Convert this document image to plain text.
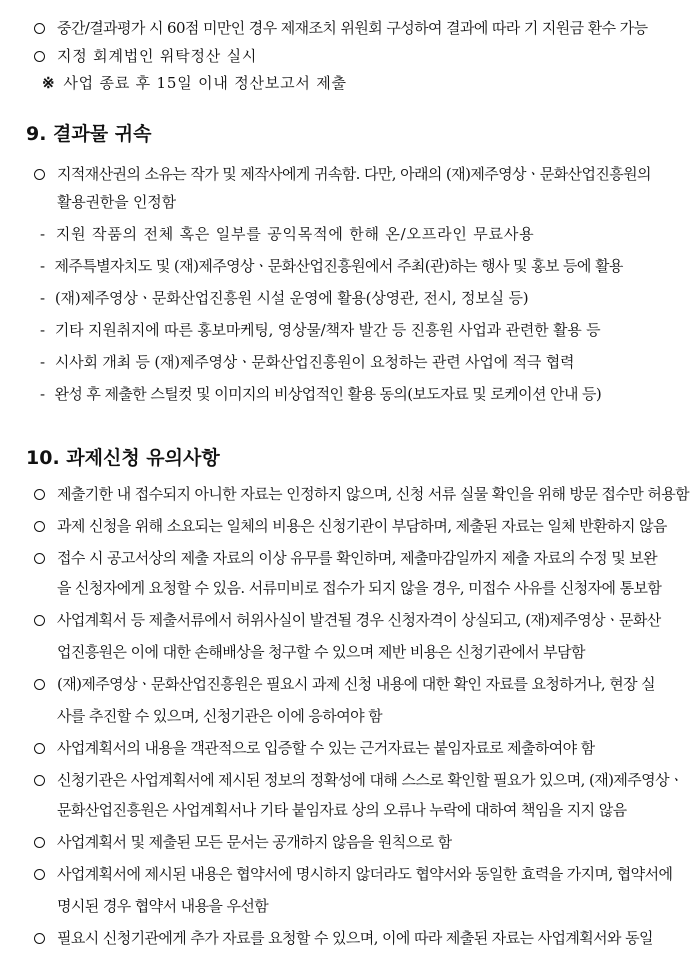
중간/결과평가 시 60점 미만인 경우 제재조치 위원회 구성하여 결과에 따라 기 지원금 환수 가능
지정 회계법인 위탁정산 실시
※ 사업 종료 후 15일 이내 정산보고서 제출
9. 결과물 귀속
지적재산권의 소유는 작가 및 제작사에게 귀속함. 다만, 아래의 (재)제주영상ㆍ문화산업진흥원의
활용권한을 인정함
- 지원 작품의 전체 혹은 일부를 공익목적에 한해 온/오프라인 무료사용
- 제주특별자치도 및 (재)제주영상ㆍ문화산업진흥원에서 주최(관)하는 행사 및 홍보 등에 활용
- (재)제주영상ㆍ문화산업진흥원 시설 운영에 활용(상영관, 전시, 정보실 등)
- 기타 지원취지에 따른 홍보마케팅, 영상물/책자 발간 등 진흥원 사업과 관련한 활용 등
- 시사회 개최 등 (재)제주영상ㆍ문화산업진흥원이 요청하는 관련 사업에 적극 협력
- 완성 후 제출한 스틸컷 및 이미지의 비상업적인 활용 동의(보도자료 및 로케이션 안내 등)
10. 과제신청 유의사항
제출기한 내 접수되지 아니한 자료는 인정하지 않으며, 신청 서류 실물 확인을 위해 방문 접수만 허용함
과제 신청을 위해 소요되는 일체의 비용은 신청기관이 부담하며, 제출된 자료는 일체 반환하지 않음
접수 시 공고서상의 제출 자료의 이상 유무를 확인하며, 제출마감일까지 제출 자료의 수정 및 보완
을 신청자에게 요청할 수 있음. 서류미비로 접수가 되지 않을 경우, 미접수 사유를 신청자에 통보함
사업계획서 등 제출서류에서 허위사실이 발견될 경우 신청자격이 상실되고, (재)제주영상ㆍ문화산
업진흥원은 이에 대한 손해배상을 청구할 수 있으며 제반 비용은 신청기관에서 부담함
(재)제주영상ㆍ문화산업진흥원은 필요시 과제 신청 내용에 대한 확인 자료를 요청하거나, 현장 실
사를 추진할 수 있으며, 신청기관은 이에 응하여야 함
사업계획서의 내용을 객관적으로 입증할 수 있는 근거자료는 붙임자료로 제출하여야 함
신청기관은 사업계획서에 제시된 정보의 정확성에 대해 스스로 확인할 필요가 있으며, (재)제주영상ㆍ
문화산업진흥원은 사업계획서나 기타 붙임자료 상의 오류나 누락에 대하여 책임을 지지 않음
사업계획서 및 제출된 모든 문서는 공개하지 않음을 원칙으로 함
사업계획서에 제시된 내용은 협약서에 명시하지 않더라도 협약서와 동일한 효력을 가지며, 협약서에
명시된 경우 협약서 내용을 우선함
필요시 신청기관에게 추가 자료를 요청할 수 있으며, 이에 따라 제출된 자료는 사업계획서와 동일
